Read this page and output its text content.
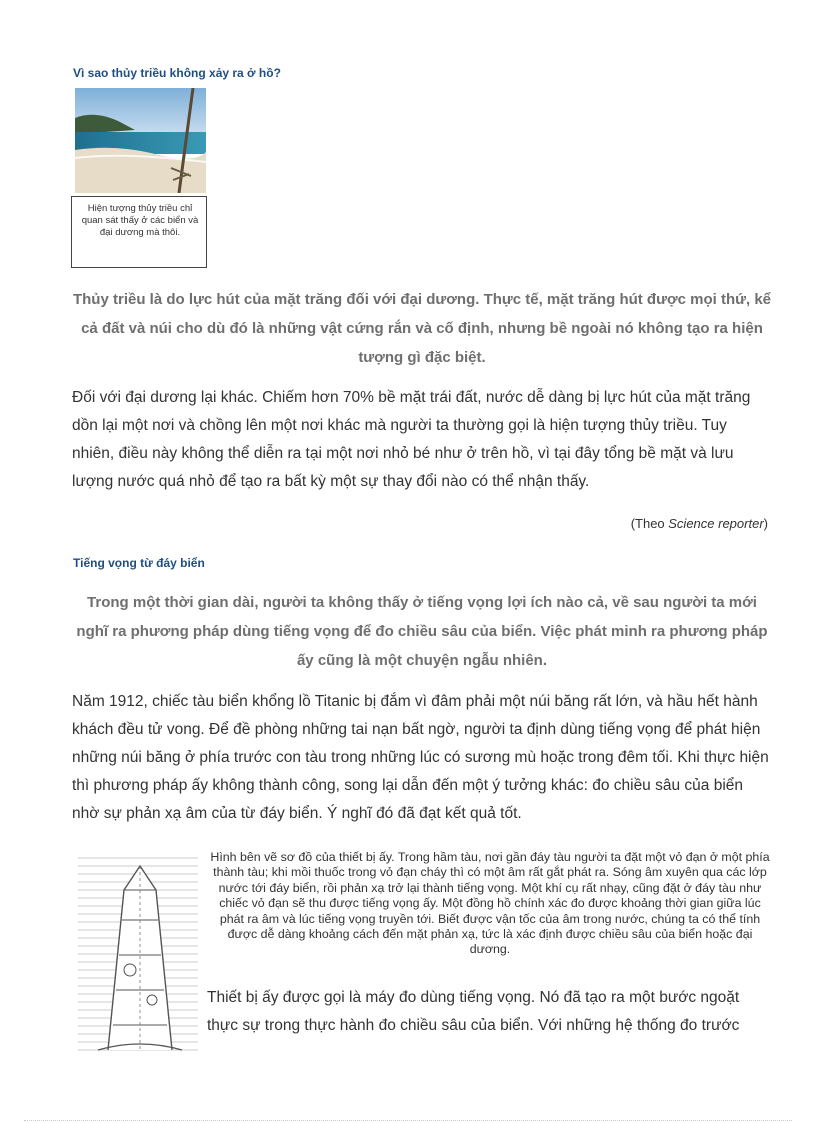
Vì sao thủy triều không xảy ra ở hồ?
Hiện tượng thủy triều chỉ quan sát thấy ở các biển và đại dương mà thôi.

Thủy triều là do lực hút của mặt trăng đối với đại dương. Thực tế, mặt trăng hút được mọi thứ, kể cả đất và núi cho dù đó là những vật cứng rắn và cố định, nhưng bề ngoài nó không tạo ra hiện tượng gì đặc biệt.

Đối với đại dương lại khác. Chiếm hơn 70% bề mặt trái đất, nước dễ dàng bị lực hút của mặt trăng dồn lại một nơi và chồng lên một nơi khác mà người ta thường gọi là hiện tượng thủy triều. Tuy nhiên, điều này không thể diễn ra tại một nơi nhỏ bé như ở trên hồ, vì tại đây tổng bề mặt và lưu lượng nước quá nhỏ để tạo ra bất kỳ một sự thay đổi nào có thể nhận thấy.

(Theo Science reporter)

Tiếng vọng từ đáy biển

Trong một thời gian dài, người ta không thấy ở tiếng vọng lợi ích nào cả, về sau người ta mới nghĩ ra phương pháp dùng tiếng vọng để đo chiều sâu của biển. Việc phát minh ra phương pháp ấy cũng là một chuyện ngẫu nhiên.

Năm 1912, chiếc tàu biển khổng lồ Titanic bị đắm vì đâm phải một núi băng rất lớn, và hầu hết hành khách đều tử vong. Để đề phòng những tai nạn bất ngờ, người ta định dùng tiếng vọng để phát hiện những núi băng ở phía trước con tàu trong những lúc có sương mù hoặc trong đêm tối. Khi thực hiện thì phương pháp ấy không thành công, song lại dẫn đến một ý tưởng khác: đo chiều sâu của biển nhờ sự phản xạ âm của từ đáy biển. Ý nghĩ đó đã đạt kết quả tốt.

Hình bên vẽ sơ đồ của thiết bị ấy. Trong hầm tàu, nơi gần đáy tàu người ta đặt một vỏ đạn ở một phía thành tàu; khi mồi thuốc trong vỏ đạn cháy thì có một âm rất gắt phát ra. Sóng âm xuyên qua các lớp nước tới đáy biển, rồi phản xạ trở lại thành tiếng vọng. Một khí cụ rất nhạy, cũng đặt ở đáy tàu như chiếc vỏ đạn sẽ thu được tiếng vọng ấy. Một đồng hồ chính xác đo được khoảng thời gian giữa lúc phát ra âm và lúc tiếng vọng truyền tới. Biết được vận tốc của âm trong nước, chúng ta có thể tính được dễ dàng khoảng cách đến mặt phản xạ, tức là xác định được chiều sâu của biển hoặc đại dương.

Thiết bị ấy được gọi là máy đo dùng tiếng vọng. Nó đã tạo ra một bước ngoặt thực sự trong thực hành đo chiều sâu của biển. Với những hệ thống đo trước
